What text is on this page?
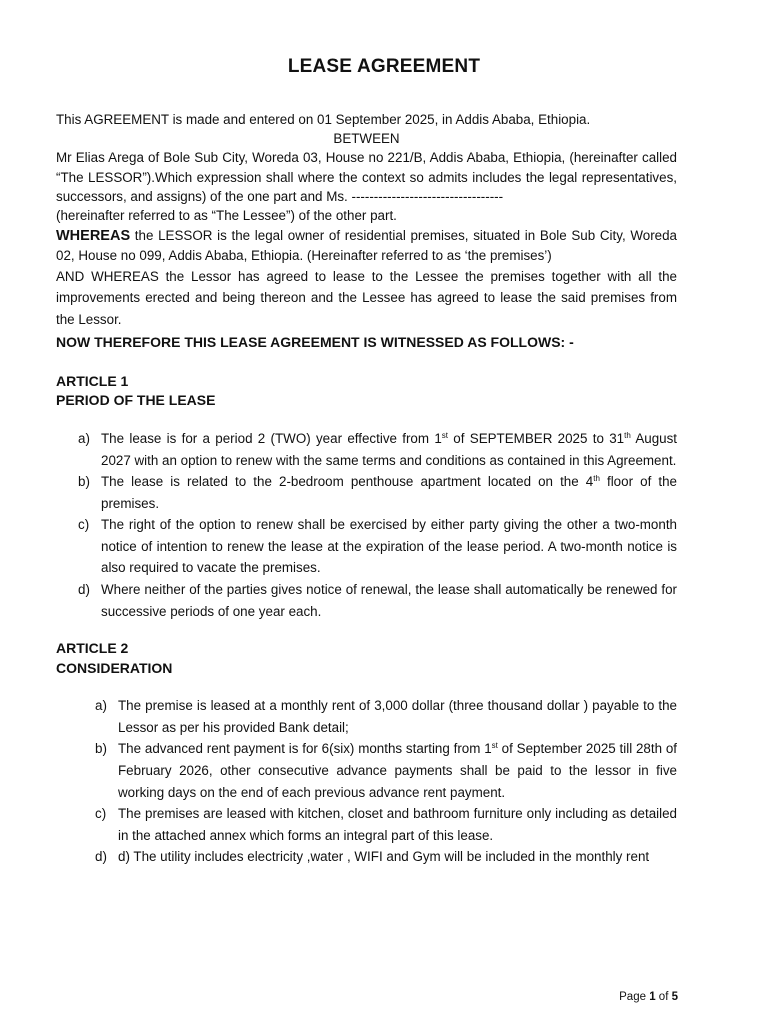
LEASE AGREEMENT

This AGREEMENT is made and entered on 01 September 2025, in Addis Ababa, Ethiopia.

BETWEEN

Mr Elias Arega of Bole Sub City, Woreda 03, House no 221/B, Addis Ababa, Ethiopia, (hereinafter called “The LESSOR”).Which expression shall where the context so admits includes the legal representatives, successors, and assigns) of the one part and Ms. ----------------------------------

(hereinafter referred to as “The Lessee”) of the other part.

WHEREAS the LESSOR is the legal owner of residential premises, situated in Bole Sub City, Woreda 02, House no 099, Addis Ababa, Ethiopia. (Hereinafter referred to as ‘the premises’)

AND WHEREAS the Lessor has agreed to lease to the Lessee the premises together with all the improvements erected and being thereon and the Lessee has agreed to lease the said premises from the Lessor.

NOW THEREFORE THIS LEASE AGREEMENT IS WITNESSED AS FOLLOWS: -

ARTICLE 1

PERIOD OF THE LEASE

a) The lease is for a period 2 (TWO) year effective from 1st of SEPTEMBER 2025 to 31th August 2027 with an option to renew with the same terms and conditions as contained in this Agreement.
b) The lease is related to the 2-bedroom penthouse apartment located on the 4th floor of the premises.
c) The right of the option to renew shall be exercised by either party giving the other a two-month notice of intention to renew the lease at the expiration of the lease period. A two-month notice is also required to vacate the premises.
d) Where neither of the parties gives notice of renewal, the lease shall automatically be renewed for successive periods of one year each.

ARTICLE 2

CONSIDERATION

a) The premise is leased at a monthly rent of 3,000 dollar (three thousand dollar ) payable to the Lessor as per his provided Bank detail;
b) The advanced rent payment is for 6(six) months starting from 1st of September 2025 till 28th of February 2026, other consecutive advance payments shall be paid to the lessor in five working days on the end of each previous advance rent payment.
c) The premises are leased with kitchen, closet and bathroom furniture only including as detailed in the attached annex which forms an integral part of this lease.
d) d) The utility includes electricity ,water , WIFI and Gym will be included in the monthly rent
Page 1 of 5
